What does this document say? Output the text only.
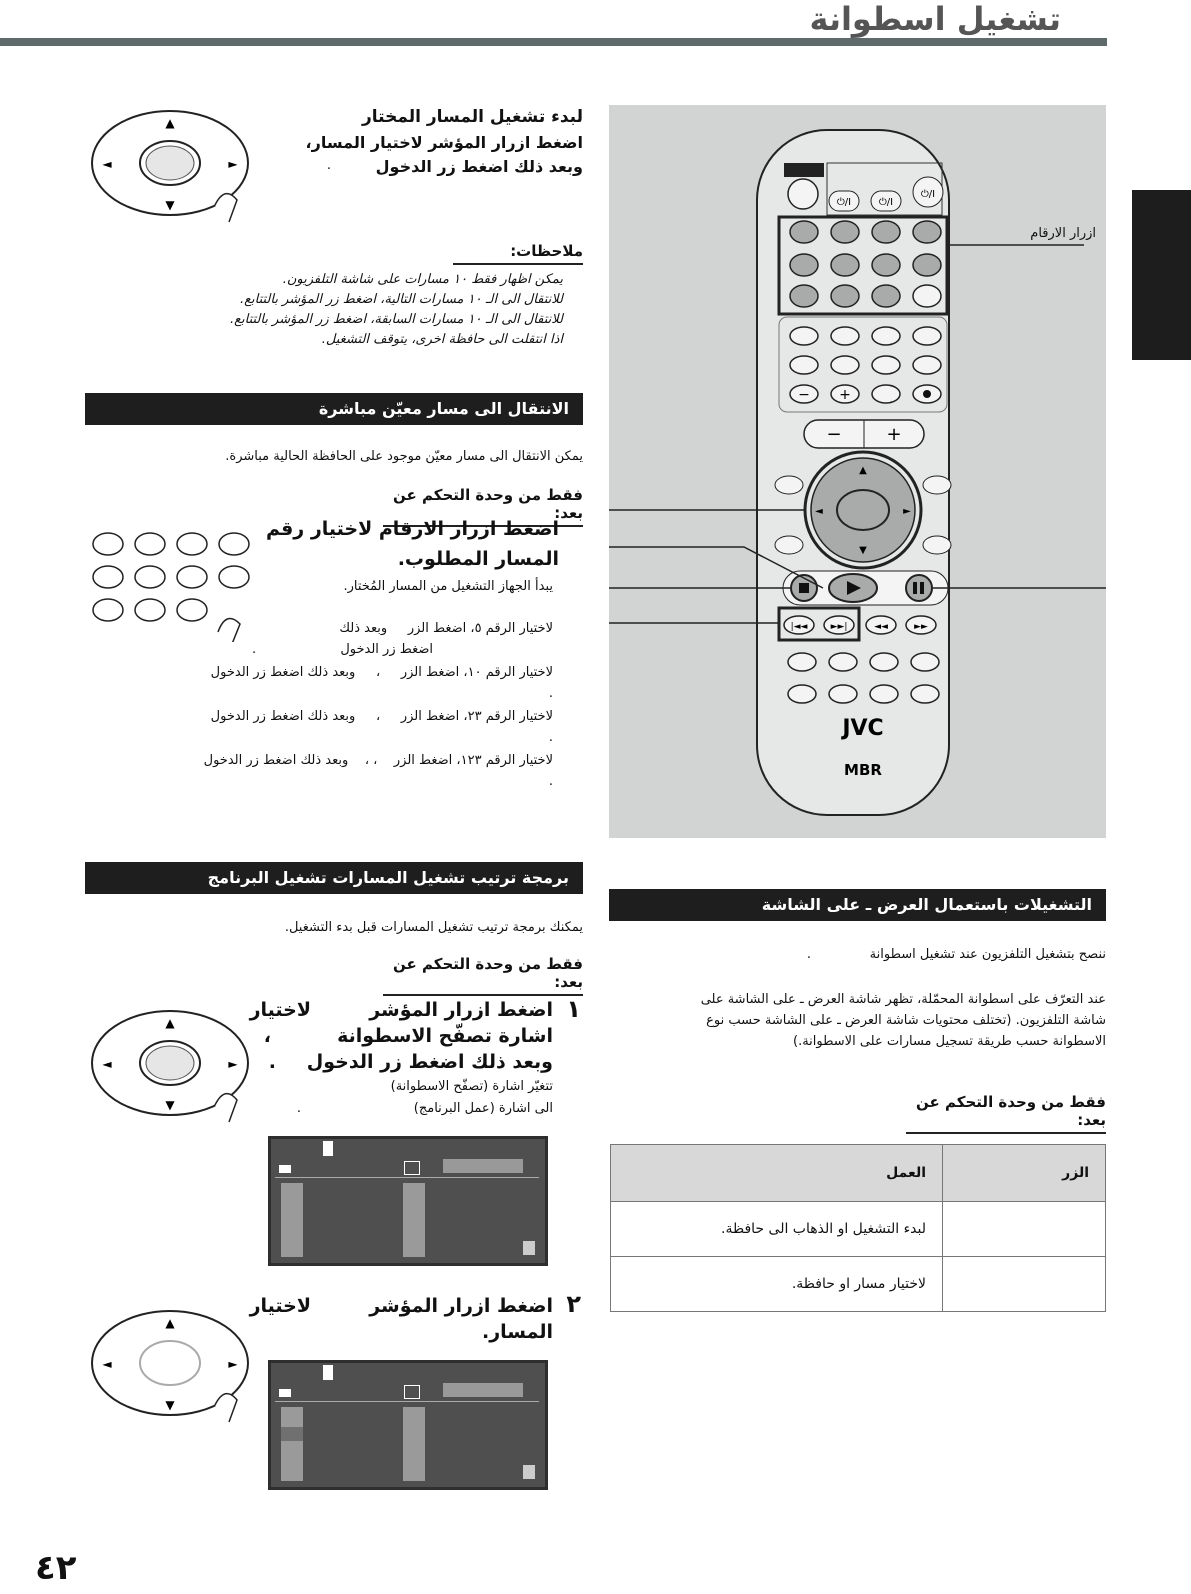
تشغيل اسطوانة
⏻/I	⏻/I
⏻/I
− +
− +
▲
▼
◄	►
|◄◄	►►|	◄◄	►►
JVC
MBR
ازرار الارقام
▲
▼
◄	►
لبدء تشغيل المسار المختار
اضغط ازرار المؤشر لاختيار المسار،
.	وبعد ذلك اضغط زر الدخول
ملاحظات:
يمكن اظهار فقط ١٠ مسارات على شاشة التلفزيون.
للانتقال الى الـ ١٠ مسارات التالية، اضغط زر المؤشر بالتتابع.
للانتقال الى الـ ١٠ مسارات السابقة، اضغط زر المؤشر بالتتابع.
اذا انتقلت الى حافظة اخرى، يتوقف التشغيل.
الانتقال الى مسار معيّن مباشرة
يمكن الانتقال الى مسار معيّن موجود على الحافظة الحالية مباشرة.
فقط من وحدة التحكم عن بعد:
اضغط ازرار الارقام لاختيار رقم
المسار المطلوب.
يبدأ الجهاز التشغيل من المسار المُختار.
لاختيار الرقم ٥، اضغط الزر     وبعد ذلك
اضغط زر الدخول .
لاختيار الرقم ١٠، اضغط الزر     ،     وبعد ذلك اضغط زر الدخول
.
لاختيار الرقم ٢٣، اضغط الزر     ،     وبعد ذلك اضغط زر الدخول
.
لاختيار الرقم ١٢٣، اضغط الزر    ، ،    وبعد ذلك اضغط زر الدخول
.
برمجة ترتيب تشغيل المسارات تشغيل البرنامج
يمكنك برمجة ترتيب تشغيل المسارات قبل بدء التشغيل.
فقط من وحدة التحكم عن بعد:
▲
▼
◄	►
١
اضغط ازرار المؤشر
لاختيار
اشارة تصفّح الاسطوانة
،
وبعد ذلك اضغط زر الدخول
.
تتغيّر اشارة (تصفّح الاسطوانة)
الى اشارة (عمل البرنامج)
.
▲
▼
◄	►
٢
اضغط ازرار المؤشر
لاختيار
المسار.
التشغيلات باستعمال العرض ـ على الشاشة
ننصح بتشغيل التلفزيون عند تشغيل اسطوانة
.
عند التعرّف على اسطوانة المحمّلة، تظهر شاشة العرض ـ على الشاشة على
شاشة التلفزيون. (تختلف محتويات شاشة العرض ـ على الشاشة حسب نوع
الاسطوانة حسب طريقة تسجيل مسارات على الاسطوانة.)
فقط من وحدة التحكم عن بعد:
الزر	العمل
	لبدء التشغيل او الذهاب الى حافظة.
	لاختيار مسار او حافظة.
٤٢
